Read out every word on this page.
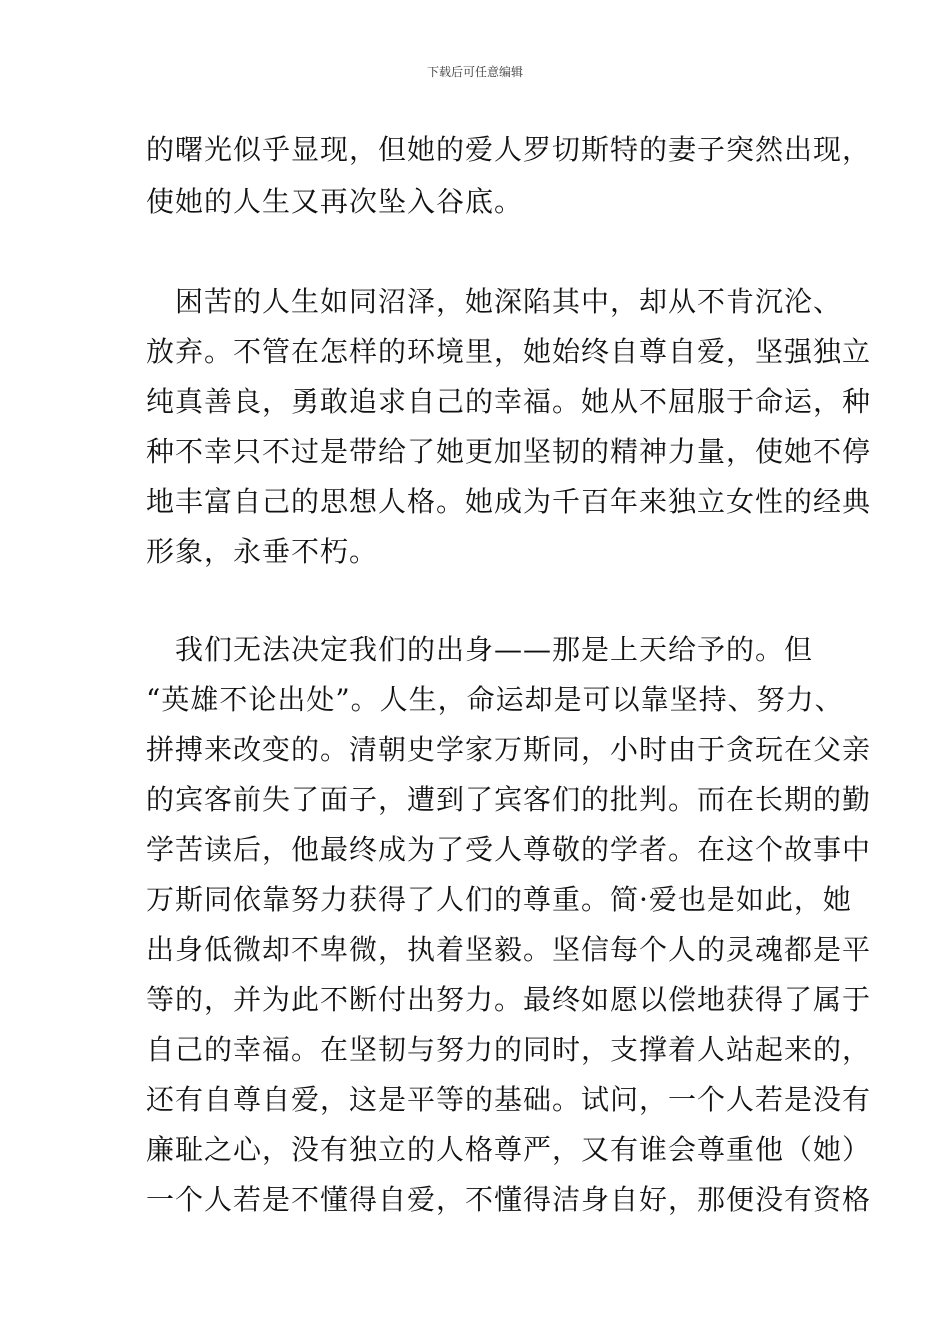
下载后可任意编辑
的曙光似乎显现，但她的爱人罗切斯特的妻子突然出现，
使她的人生又再次坠入谷底。
　困苦的人生如同沼泽，她深陷其中，却从不肯沉沦、
放弃。不管在怎样的环境里，她始终自尊自爱，坚强独立
纯真善良，勇敢追求自己的幸福。她从不屈服于命运，种
种不幸只不过是带给了她更加坚韧的精神力量，使她不停
地丰富自己的思想人格。她成为千百年来独立女性的经典
形象，永垂不朽。
　我们无法决定我们的出身——那是上天给予的。但
“英雄不论出处”。人生，命运却是可以靠坚持、努力、
拼搏来改变的。清朝史学家万斯同，小时由于贪玩在父亲
的宾客前失了面子，遭到了宾客们的批判。而在长期的勤
学苦读后，他最终成为了受人尊敬的学者。在这个故事中
万斯同依靠努力获得了人们的尊重。简·爱也是如此，她
出身低微却不卑微，执着坚毅。坚信每个人的灵魂都是平
等的，并为此不断付出努力。最终如愿以偿地获得了属于
自己的幸福。在坚韧与努力的同时，支撑着人站起来的，
还有自尊自爱，这是平等的基础。试问，一个人若是没有
廉耻之心，没有独立的人格尊严，又有谁会尊重他（她）
一个人若是不懂得自爱，不懂得洁身自好，那便没有资格
